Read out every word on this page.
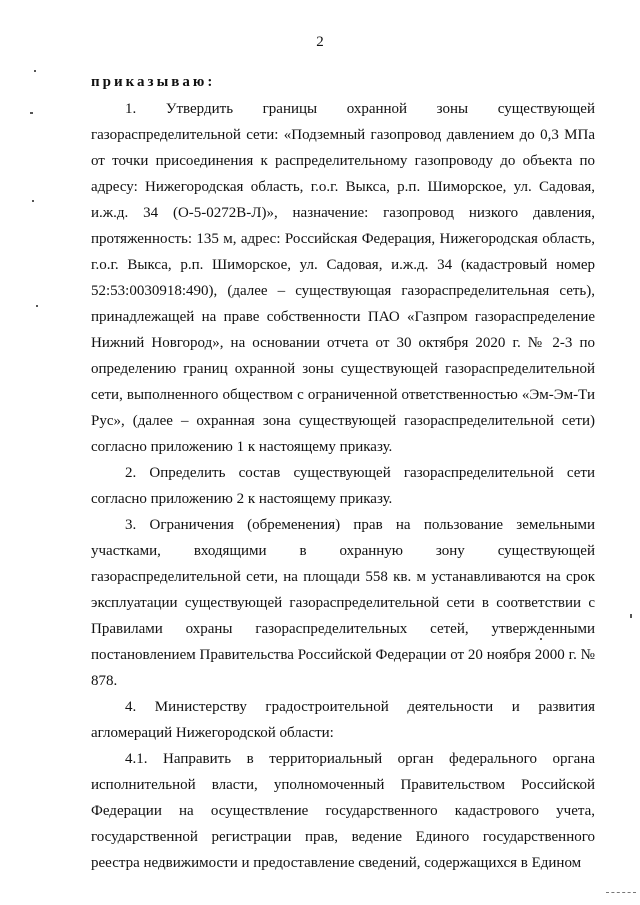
2
приказываю:

1. Утвердить границы охранной зоны существующей газораспределительной сети: «Подземный газопровод давлением до 0,3 МПа от точки присоединения к распределительному газопроводу до объекта по адресу: Нижегородская область, г.о.г. Выкса, р.п. Шиморское, ул. Садовая, и.ж.д. 34 (О-5-0272В-Л)», назначение: газопровод низкого давления, протяженность: 135 м, адрес: Российская Федерация, Нижегородская область, г.о.г. Выкса, р.п. Шиморское, ул. Садовая, и.ж.д. 34 (кадастровый номер 52:53:0030918:490), (далее – существующая газораспределительная сеть), принадлежащей на праве собственности ПАО «Газпром газораспределение Нижний Новгород», на основании отчета от 30 октября 2020 г. № 2-3 по определению границ охранной зоны существующей газораспределительной сети, выполненного обществом с ограниченной ответственностью «Эм-Эм-Ти Рус», (далее – охранная зона существующей газораспределительной сети) согласно приложению 1 к настоящему приказу.

2. Определить состав существующей газораспределительной сети согласно приложению 2 к настоящему приказу.

3. Ограничения (обременения) прав на пользование земельными участками, входящими в охранную зону существующей газораспределительной сети, на площади 558 кв. м устанавливаются на срок эксплуатации существующей газораспределительной сети в соответствии с Правилами охраны газораспределительных сетей, утвержденными постановлением Правительства Российской Федерации от 20 ноября 2000 г. № 878.

4. Министерству градостроительной деятельности и развития агломераций Нижегородской области:

4.1. Направить в территориальный орган федерального органа исполнительной власти, уполномоченный Правительством Российской Федерации на осуществление государственного кадастрового учета, государственной регистрации прав, ведение Единого государственного реестра недвижимости и предоставление сведений, содержащихся в Едином
